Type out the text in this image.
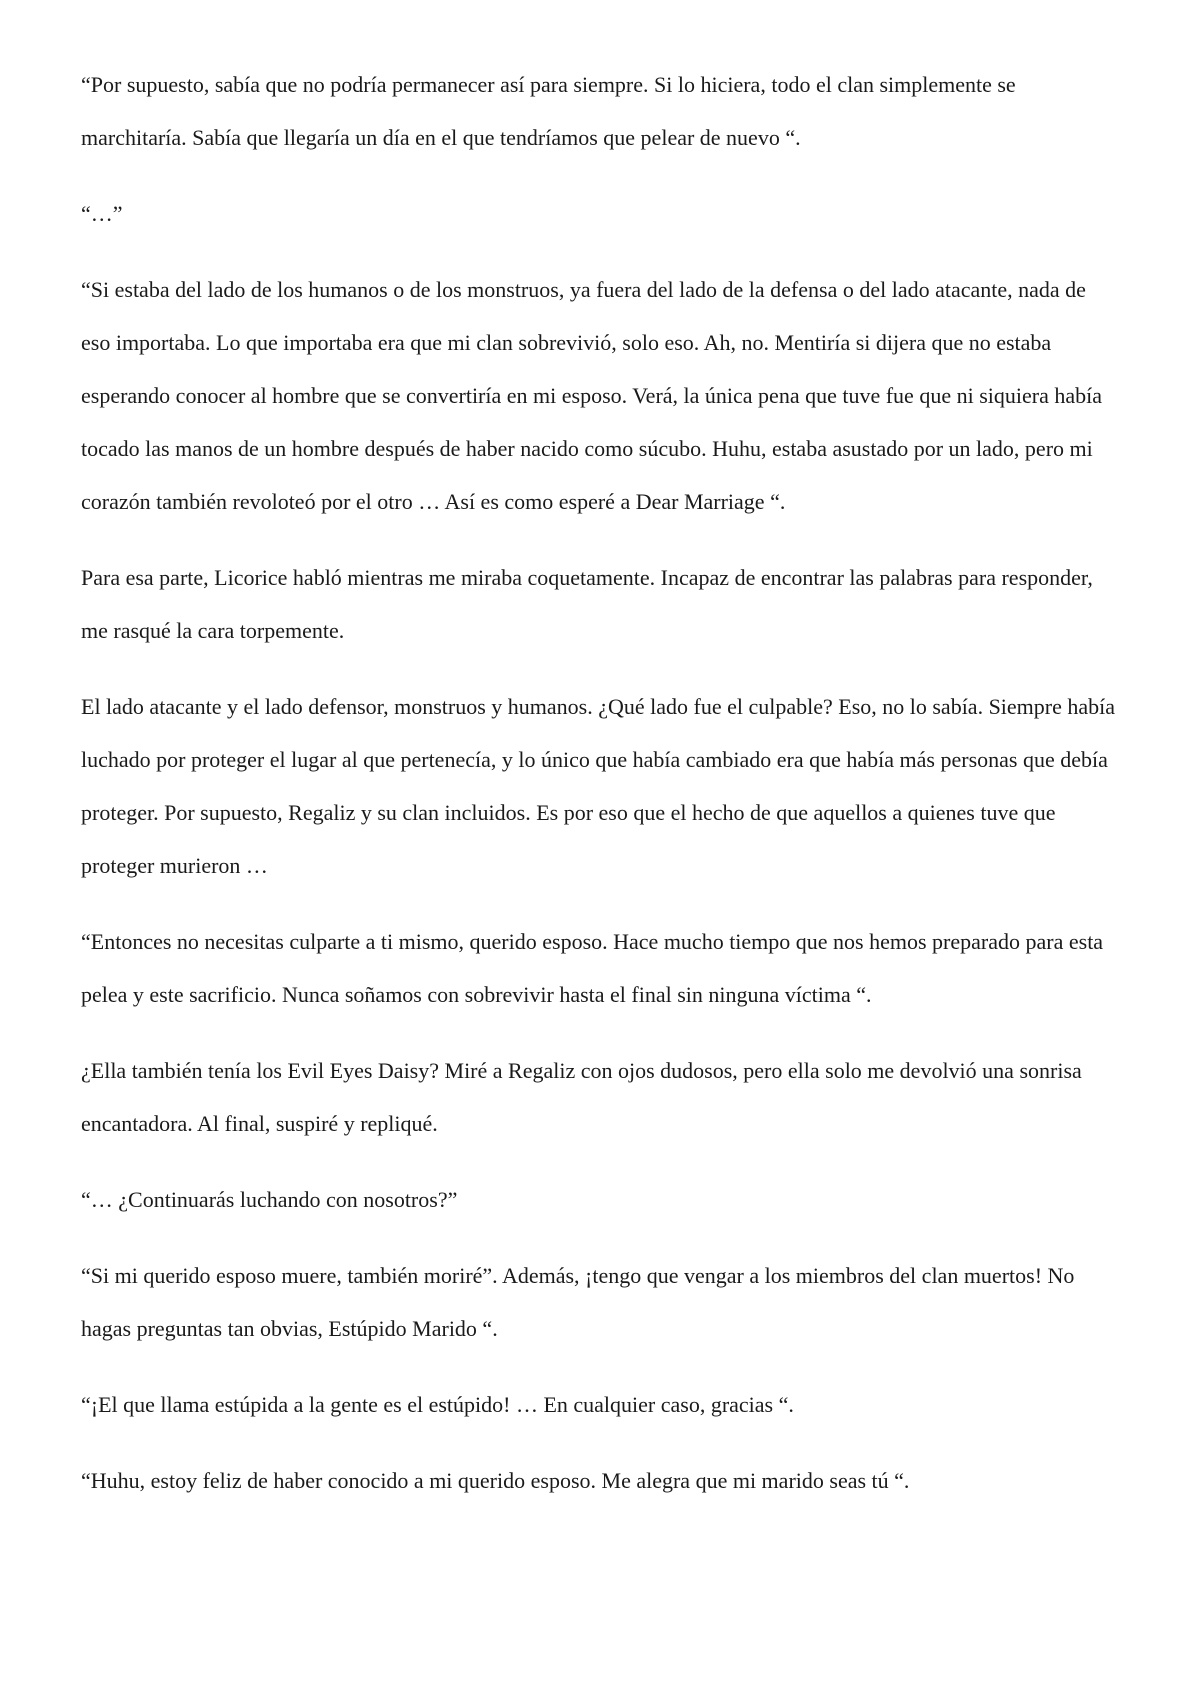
“Por supuesto, sabía que no podría permanecer así para siempre. Si lo hiciera, todo el clan simplemente se marchitaría. Sabía que llegaría un día en el que tendríamos que pelear de nuevo “.

“…”

“Si estaba del lado de los humanos o de los monstruos, ya fuera del lado de la defensa o del lado atacante, nada de eso importaba. Lo que importaba era que mi clan sobrevivió, solo eso. Ah, no. Mentiría si dijera que no estaba esperando conocer al hombre que se convertiría en mi esposo. Verá, la única pena que tuve fue que ni siquiera había tocado las manos de un hombre después de haber nacido como súcubo. Huhu, estaba asustado por un lado, pero mi corazón también revoloteó por el otro … Así es como esperé a Dear Marriage “.

Para esa parte, Licorice habló mientras me miraba coquetamente. Incapaz de encontrar las palabras para responder, me rasqué la cara torpemente.

El lado atacante y el lado defensor, monstruos y humanos. ¿Qué lado fue el culpable? Eso, no lo sabía. Siempre había luchado por proteger el lugar al que pertenecía, y lo único que había cambiado era que había más personas que debía proteger. Por supuesto, Regaliz y su clan incluidos. Es por eso que el hecho de que aquellos a quienes tuve que proteger murieron …

“Entonces no necesitas culparte a ti mismo, querido esposo. Hace mucho tiempo que nos hemos preparado para esta pelea y este sacrificio. Nunca soñamos con sobrevivir hasta el final sin ninguna víctima “.

¿Ella también tenía los Evil Eyes Daisy? Miré a Regaliz con ojos dudosos, pero ella solo me devolvió una sonrisa encantadora. Al final, suspiré y repliqué.

“… ¿Continuarás luchando con nosotros?”

“Si mi querido esposo muere, también moriré”. Además, ¡tengo que vengar a los miembros del clan muertos! No hagas preguntas tan obvias, Estúpido Marido “.

“¡El que llama estúpida a la gente es el estúpido! … En cualquier caso, gracias “.

“Huhu, estoy feliz de haber conocido a mi querido esposo. Me alegra que mi marido seas tú “.
